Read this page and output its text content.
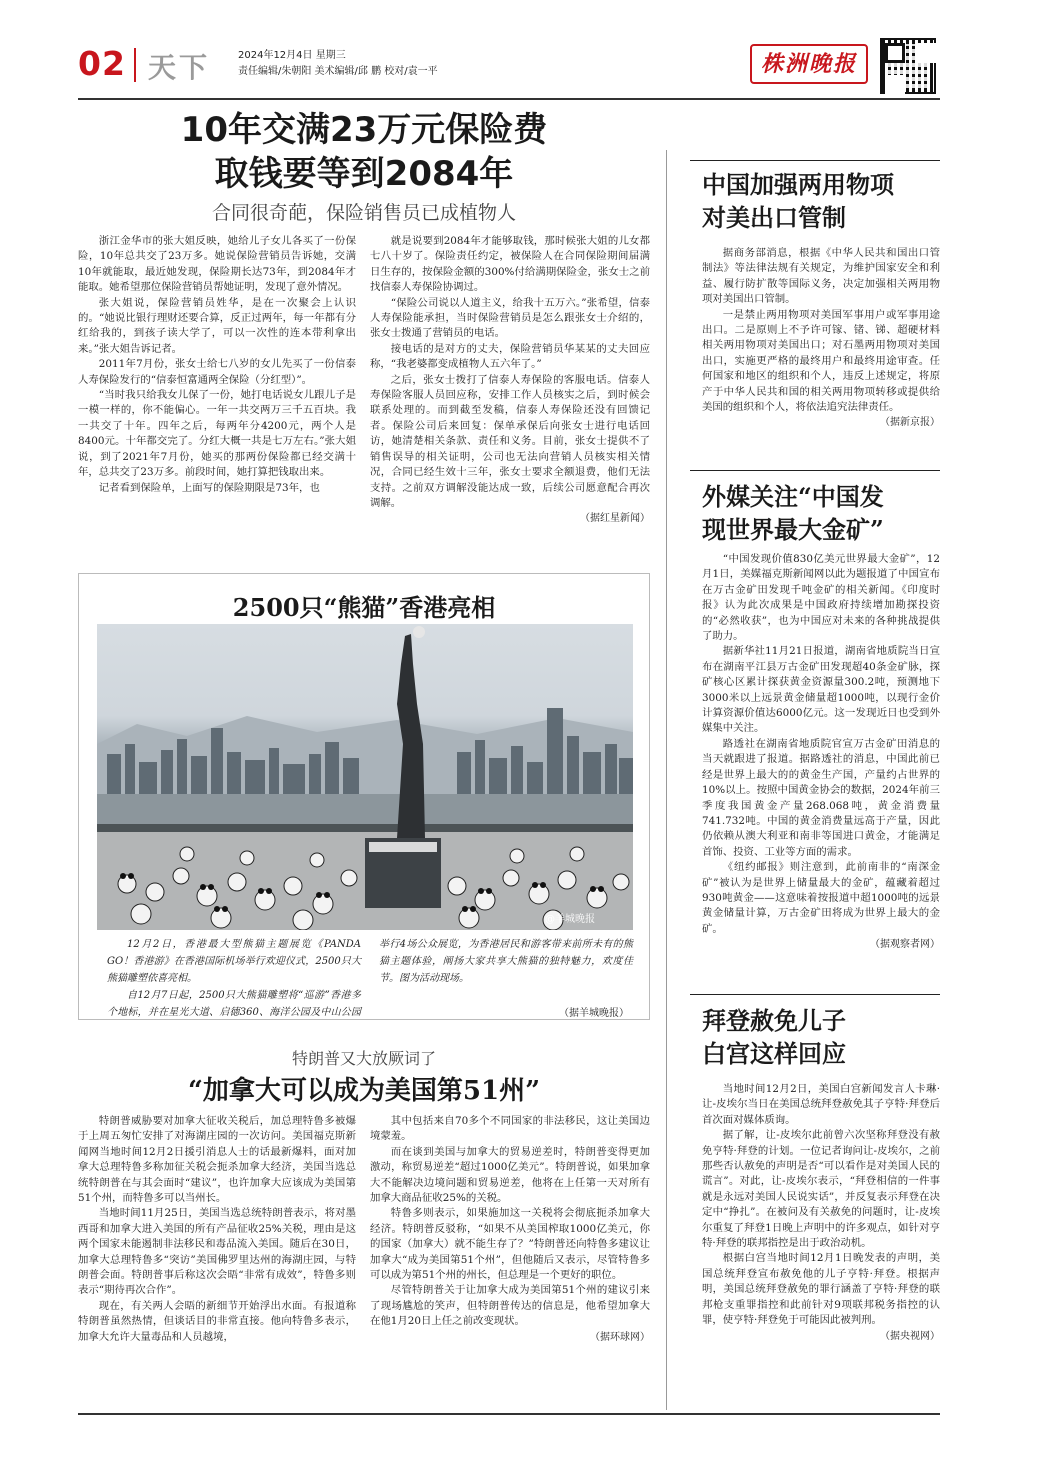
02 天下	2024年12月4日 星期三
责任编辑/朱朝阳 美术编辑/邱 鹏 校对/袁一平	株洲晚报
10年交满23万元保险费
取钱要等到2084年
合同很奇葩，保险销售员已成植物人

浙江金华市的张大姐反映，她给儿子女儿各买了一份保险，10年总共交了23万多。她说保险营销员告诉她，交满10年就能取，最近她发现，保险期长达73年，到2084年才能取。她希望那位保险营销员帮她证明，发现了意外情况。

张大姐说，保险营销员姓华，是在一次聚会上认识的。“她说比银行理财还要合算，反正过两年，每一年都有分红给我的，到孩子读大学了，可以一次性的连本带利拿出来。”张大姐告诉记者。

2011年7月份，张女士给七八岁的女儿先买了一份信泰人寿保险发行的“信泰恒富通两全保险（分红型）”。

“当时我只给我女儿保了一份，她打电话说女儿跟儿子是一模一样的，你不能偏心。一年一共交两万三千五百块。我一共交了十年。四年之后，每两年分4200元，两个人是8400元。十年都交完了。分红大概一共是七万左右。”张大姐说，到了2021年7月份，她买的那两份保险都已经交满十年，总共交了23万多。前段时间，她打算把钱取出来。

记者看到保险单，上面写的保险期限是73年，也

就是说要到2084年才能够取钱，那时候张大姐的儿女都七八十岁了。保险责任约定，被保险人在合同保险期间届满日生存的，按保险金额的300%付给满期保险金，张女士之前找信泰人寿保险协调过。

“保险公司说以人道主义，给我十五万六。”张希望，信泰人寿保险能承担，当时保险营销员是怎么跟张女士介绍的，张女士拨通了营销员的电话。

接电话的是对方的丈夫，保险营销员华某某的丈夫回应称，“我老婆都变成植物人五六年了。”

之后，张女士拨打了信泰人寿保险的客服电话。信泰人寿保险客服人员回应称，安排工作人员核实之后，到时候会联系处理的。而到截至发稿，信泰人寿保险还没有回馈记者。保险公司后来回复：保单承保后向张女士进行电话回访，她清楚相关条款、责任和义务。目前，张女士提供不了销售误导的相关证明，公司也无法向营销人员核实相关情况，合同已经生效十三年，张女士要求全额退费，他们无法支持。之前双方调解没能达成一致，后续公司愿意配合再次调解。

（据红星新闻）
2500只“熊猫”香港亮相
@羊城晚报

12月2日，香港最大型熊猫主题展览《PANDA GO！香港游》在香港国际机场举行欢迎仪式，2500只大熊猫雕塑依喜亮相。

自12月7日起，2500只大熊猫雕塑将“巡游”香港多个地标，并在星光大道、启德360、海洋公园及中山公园举行4场公众展览，为香港居民和游客带来前所未有的熊猫主题体验，阐扬大家共享大熊猫的独特魅力，欢度佳节。图为活动现场。

（据羊城晚报）
特朗普又大放厥词了
“加拿大可以成为美国第51州”

特朗普威胁要对加拿大征收关税后，加总理特鲁多被爆于上周五匆忙安排了对海湖庄园的一次访问。美国福克斯新闻网当地时间12月2日援引消息人士的话最新爆料，面对加拿大总理特鲁多称加征关税会扼杀加拿大经济，美国当选总统特朗普在与其会面时“建议”，也许加拿大应该成为美国第51个州，而特鲁多可以当州长。

当地时间11月25日，美国当选总统特朗普表示，将对墨西哥和加拿大进入美国的所有产品征收25%关税，理由是这两个国家未能遏制非法移民和毒品流入美国。随后在30日，加拿大总理特鲁多“突访”美国佛罗里达州的海湖庄园，与特朗普会面。特朗普事后称这次会晤“非常有成效”，特鲁多则表示“期待再次合作”。

现在，有关两人会晤的新细节开始浮出水面。有报道称特朗普虽然热情，但谈话目的非常直接。他向特鲁多表示，加拿大允许大量毒品和人员越境，

其中包括来自70多个不同国家的非法移民，这让美国边境蒙羞。

而在谈到美国与加拿大的贸易逆差时，特朗普变得更加激动，称贸易逆差“超过1000亿美元”。特朗普说，如果加拿大不能解决边境问题和贸易逆差，他将在上任第一天对所有加拿大商品征收25%的关税。

特鲁多则表示，如果施加这一关税将会彻底扼杀加拿大经济。特朗普反驳称，“如果不从美国榨取1000亿美元，你的国家（加拿大）就不能生存了？”特朗普还向特鲁多建议让加拿大“成为美国第51个州”，但他随后又表示，尽管特鲁多可以成为第51个州的州长，但总理是一个更好的职位。

尽管特朗普关于让加拿大成为美国第51个州的建议引来了现场尴尬的笑声，但特朗普传达的信息是，他希望加拿大在他1月20日上任之前改变现状。

（据环球网）
中国加强两用物项
对美出口管制

据商务部消息，根据《中华人民共和国出口管制法》等法律法规有关规定，为维护国家安全和利益、履行防扩散等国际义务，决定加强相关两用物项对美国出口管制。

一是禁止两用物项对美国军事用户或军事用途出口。二是原则上不予许可镓、锗、锑、超硬材料相关两用物项对美国出口；对石墨两用物项对美国出口，实施更严格的最终用户和最终用途审查。任何国家和地区的组织和个人，违反上述规定，将原产于中华人民共和国的相关两用物项转移或提供给美国的组织和个人，将依法追究法律责任。

（据新京报）
外媒关注“中国发
现世界最大金矿”

“中国发现价值830亿美元世界最大金矿”，12月1日，美媒福克斯新闻网以此为题报道了中国宣布在万古金矿田发现千吨金矿的相关新闻。《印度时报》认为此次成果是中国政府持续增加勘探投资的“必然收获”，也为中国应对未来的各种挑战提供了助力。

据新华社11月21日报道，湖南省地质院当日宣布在湖南平江县万古金矿田发现超40条金矿脉，探矿核心区累计探获黄金资源量300.2吨，预测地下3000米以上远景黄金储量超1000吨，以现行金价计算资源价值达6000亿元。这一发现近日也受到外媒集中关注。

路透社在湖南省地质院官宣万古金矿田消息的当天就跟进了报道。据路透社的消息，中国此前已经是世界上最大的的黄金生产国，产量约占世界的10%以上。按照中国黄金协会的数据，2024年前三季度我国黄金产量268.068吨，黄金消费量741.732吨。中国的黄金消费量远高于产量，因此仍依赖从澳大利亚和南非等国进口黄金，才能满足首饰、投资、工业等方面的需求。

《纽约邮报》则注意到，此前南非的“南深金矿”被认为是世界上储量最大的金矿，蕴藏着超过930吨黄金——这意味着按报道中超1000吨的远景黄金储量计算，万古金矿田将成为世界上最大的金矿。

（据观察者网）
拜登赦免儿子
白宫这样回应

当地时间12月2日，美国白宫新闻发言人卡琳·让-皮埃尔当日在美国总统拜登赦免其子亨特·拜登后首次面对媒体质询。

据了解，让-皮埃尔此前曾六次坚称拜登没有赦免亨特·拜登的计划。一位记者询问让-皮埃尔，之前那些否认赦免的声明是否“可以看作是对美国人民的谎言”。对此，让-皮埃尔表示，“拜登相信的一件事就是永远对美国人民说实话”，并反复表示拜登在决定中“挣扎”。在被问及有关赦免的问题时，让-皮埃尔重复了拜登1日晚上声明中的许多观点，如针对亨特·拜登的联邦指控是出于政治动机。

根据白宫当地时间12月1日晚发表的声明，美国总统拜登宣布赦免他的儿子亨特·拜登。根据声明，美国总统拜登赦免的罪行涵盖了亨特·拜登的联邦枪支重罪指控和此前针对9项联邦税务指控的认罪，使亨特·拜登免于可能因此被判刑。

（据央视网）
